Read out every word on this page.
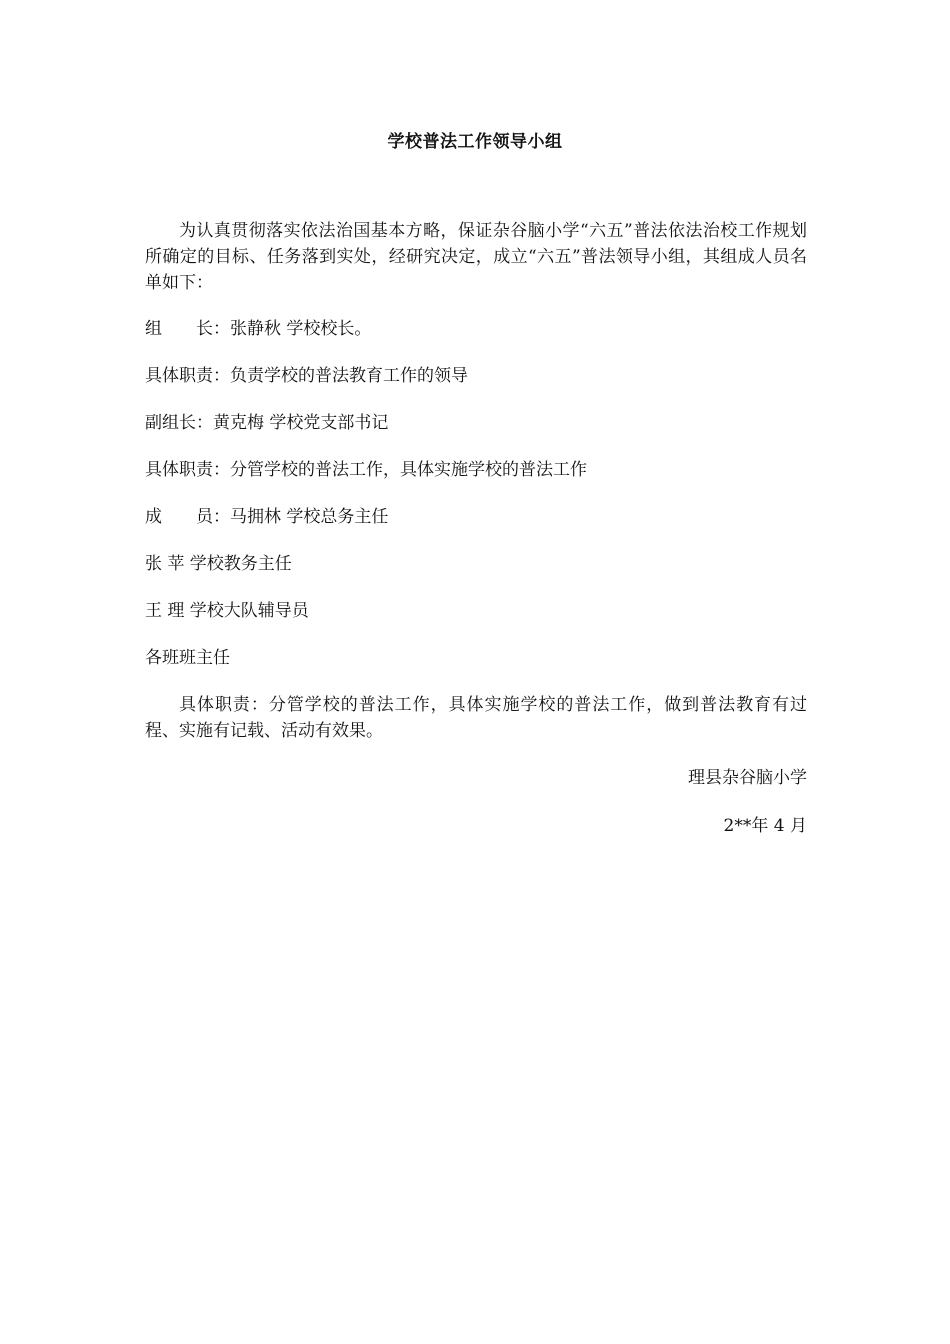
学校普法工作领导小组
为认真贯彻落实依法治国基本方略，保证杂谷脑小学“六五”普法依法治校工作规划所确定的目标、任务落到实处，经研究决定，成立“六五”普法领导小组，其组成人员名单如下：
组　　长：张静秋 学校校长。
具体职责：负责学校的普法教育工作的领导
副组长：黄克梅 学校党支部书记
具体职责：分管学校的普法工作，具体实施学校的普法工作
成　　员：马拥林 学校总务主任
张 苹 学校教务主任
王 理 学校大队辅导员
各班班主任
具体职责：分管学校的普法工作，具体实施学校的普法工作，做到普法教育有过程、实施有记载、活动有效果。
理县杂谷脑小学
2**年 4 月
